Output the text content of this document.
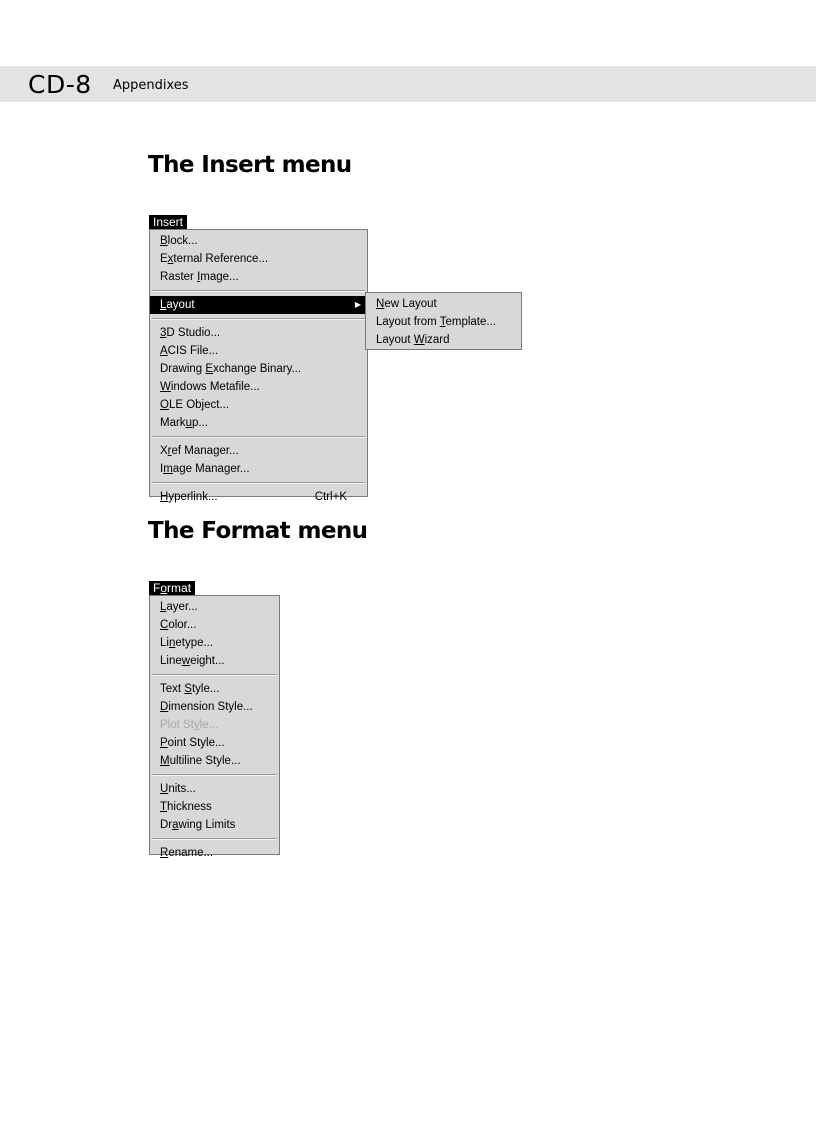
CD-8 Appendixes
The Insert menu
Insert
Block...
External Reference...
Raster Image...
Layout	▶
3D Studio...
ACIS File...
Drawing Exchange Binary...
Windows Metafile...
OLE Object...
Markup...
Xref Manager...
Image Manager...
Hyperlink...	Ctrl+K
New Layout
Layout from Template...
Layout Wizard
The Format menu
Format
Layer...
Color...
Linetype...
Lineweight...
Text Style...
Dimension Style...
Plot Style...
Point Style...
Multiline Style...
Units...
Thickness
Drawing Limits
Rename...
